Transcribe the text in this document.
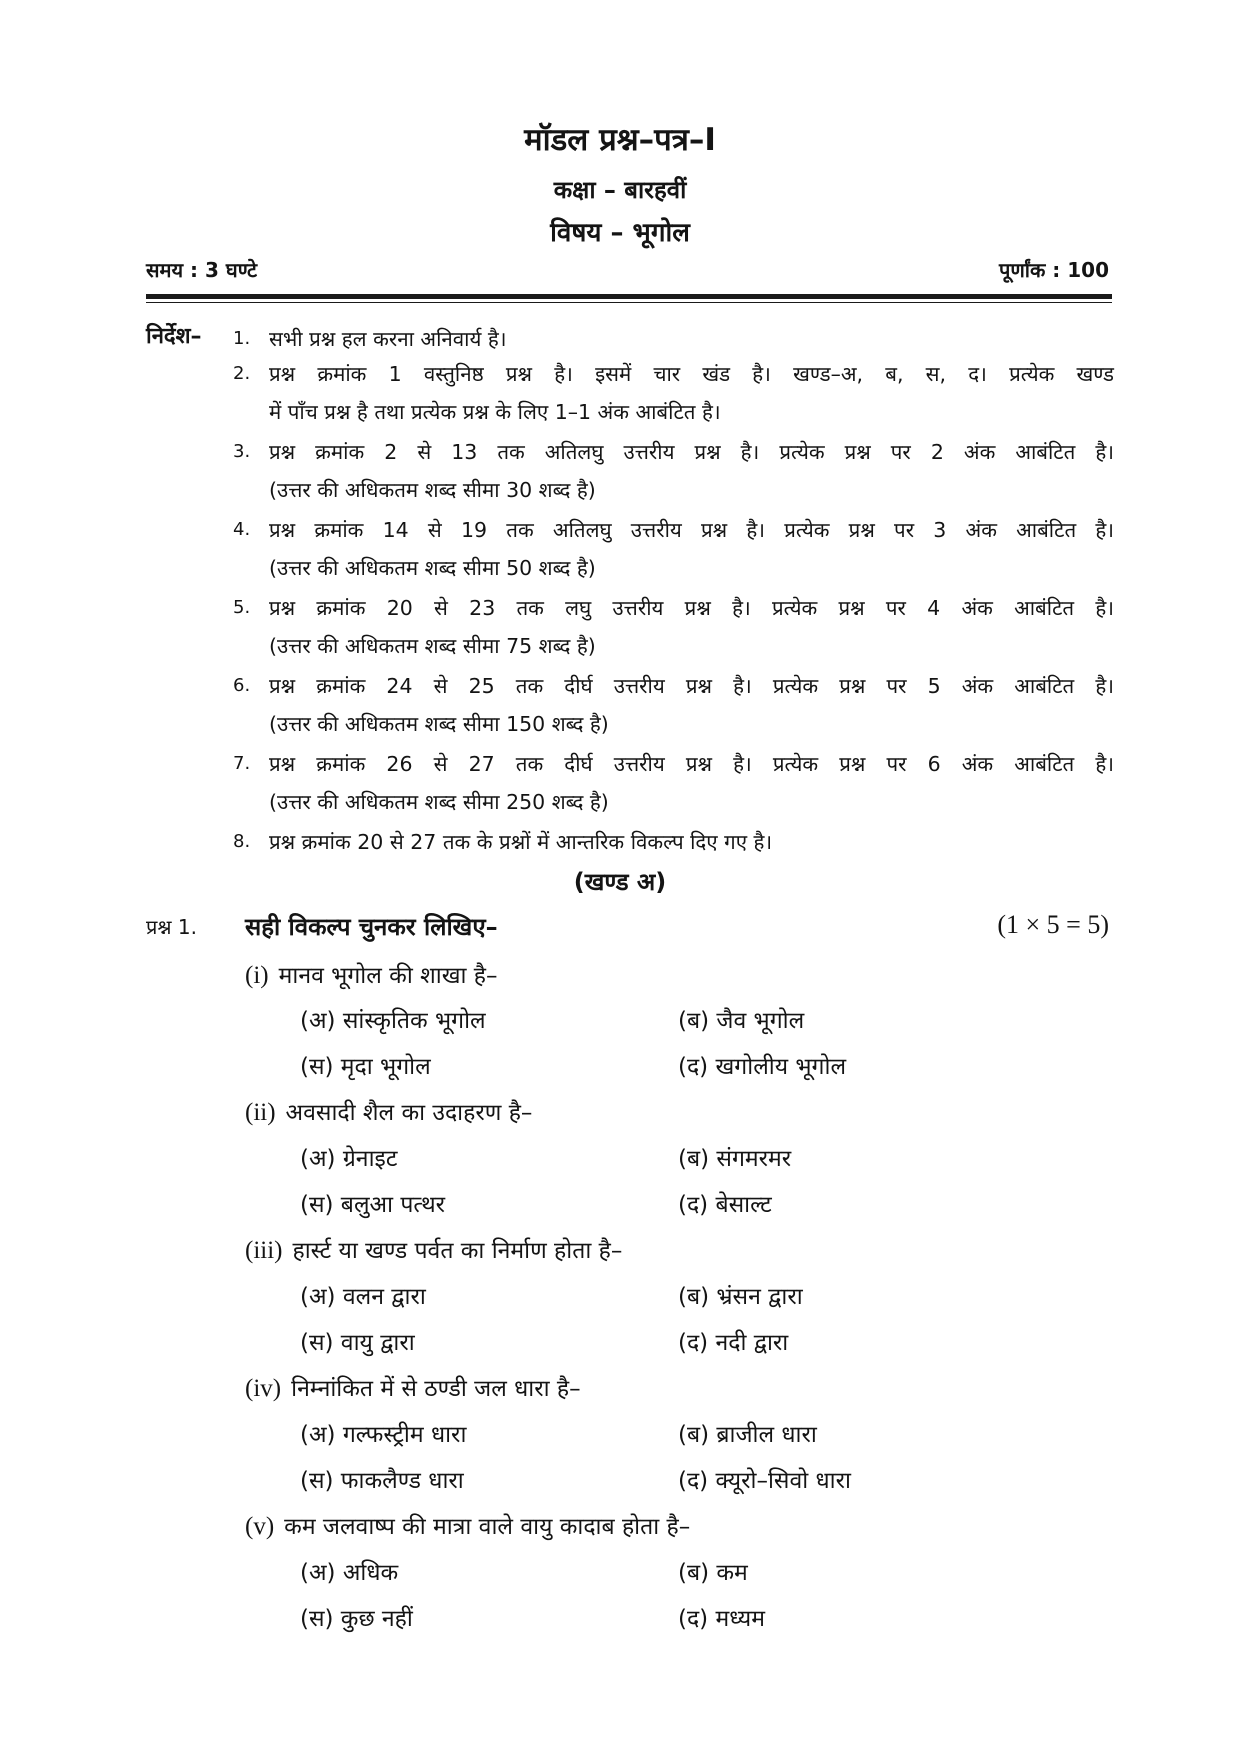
मॉडल प्रश्न–पत्र–I
कक्षा – बारहवीं
विषय – भूगोल
समय : 3 घण्टे	पूर्णांक : 100
निर्देश– 1. सभी प्रश्न हल करना अनिवार्य है।
2. प्रश्न क्रमांक 1 वस्तुनिष्ठ प्रश्न है। इसमें चार खंड है। खण्ड–अ, ब, स, द। प्रत्येक खण्ड
में पाँच प्रश्न है तथा प्रत्येक प्रश्न के लिए 1–1 अंक आबंटित है।
3. प्रश्न क्रमांक 2 से 13 तक अतिलघु उत्तरीय प्रश्न है। प्रत्येक प्रश्न पर 2 अंक आबंटित है।
(उत्तर की अधिकतम शब्द सीमा 30 शब्द है)
4. प्रश्न क्रमांक 14 से 19 तक अतिलघु उत्तरीय प्रश्न है। प्रत्येक प्रश्न पर 3 अंक आबंटित है।
(उत्तर की अधिकतम शब्द सीमा 50 शब्द है)
5. प्रश्न क्रमांक 20 से 23 तक लघु उत्तरीय प्रश्न है। प्रत्येक प्रश्न पर 4 अंक आबंटित है।
(उत्तर की अधिकतम शब्द सीमा 75 शब्द है)
6. प्रश्न क्रमांक 24 से 25 तक दीर्घ उत्तरीय प्रश्न है। प्रत्येक प्रश्न पर 5 अंक आबंटित है।
(उत्तर की अधिकतम शब्द सीमा 150 शब्द है)
7. प्रश्न क्रमांक 26 से 27 तक दीर्घ उत्तरीय प्रश्न है। प्रत्येक प्रश्न पर 6 अंक आबंटित है।
(उत्तर की अधिकतम शब्द सीमा 250 शब्द है)
8. प्रश्न क्रमांक 20 से 27 तक के प्रश्नों में आन्तरिक विकल्प दिए गए है।
(खण्ड अ)
प्रश्न 1. सही विकल्प चुनकर लिखिए–	(1 × 5 = 5)
(i) मानव भूगोल की शाखा है–
(अ) सांस्कृतिक भूगोल	(ब) जैव भूगोल
(स) मृदा भूगोल	(द) खगोलीय भूगोल
(ii) अवसादी शैल का उदाहरण है–
(अ) ग्रेनाइट	(ब) संगमरमर
(स) बलुआ पत्थर	(द) बेसाल्ट
(iii) हार्स्ट या खण्ड पर्वत का निर्माण होता है–
(अ) वलन द्वारा	(ब) भ्रंसन द्वारा
(स) वायु द्वारा	(द) नदी द्वारा
(iv) निम्नांकित में से ठण्डी जल धारा है–
(अ) गल्फस्ट्रीम धारा	(ब) ब्राजील धारा
(स) फाकलैण्ड धारा	(द) क्यूरो–सिवो धारा
(v) कम जलवाष्प की मात्रा वाले वायु कादाब होता है–
(अ) अधिक	(ब) कम
(स) कुछ नहीं	(द) मध्यम
